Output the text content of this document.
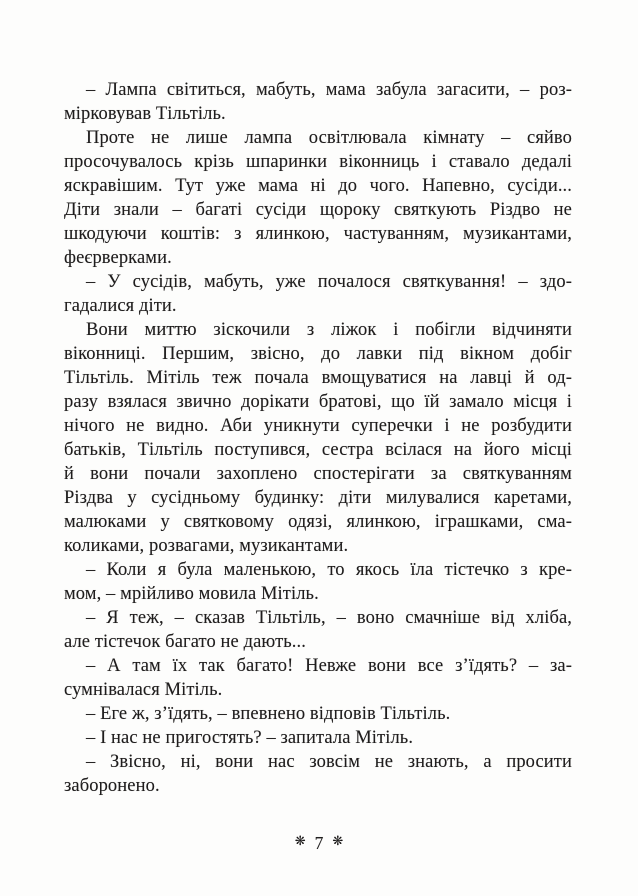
– Лампа світиться, мабуть, мама забула загасити, – роз-
мірковував Тільтіль.
Проте не лише лампа освітлювала кімнату – сяйво
просочувалось крізь шпаринки віконниць і ставало дедалі
яскравішим. Тут уже мама ні до чого. Напевно, сусіди...
Діти знали – багаті сусіди щороку святкують Різдво не
шкодуючи коштів: з ялинкою, частуванням, музикантами,
феєрверками.
– У сусідів, мабуть, уже почалося святкування! – здо-
гадалися діти.
Вони миттю зіскочили з ліжок і побігли відчиняти
віконниці. Першим, звісно, до лавки під вікном добіг
Тільтіль. Мітіль теж почала вмощуватися на лавці й од-
разу взялася звично дорікати братові, що їй замало місця і
нічого не видно. Аби уникнути суперечки і не розбудити
батьків, Тільтіль поступився, сестра всілася на його місці
й вони почали захоплено спостерігати за святкуванням
Різдва у сусідньому будинку: діти милувалися каретами,
малюками у святковому одязі, ялинкою, іграшками, сма-
коликами, розвагами, музикантами.
– Коли я була маленькою, то якось їла тістечко з кре-
мом, – мрійливо мовила Мітіль.
– Я теж, – сказав Тільтіль, – воно смачніше від хліба,
але тістечок багато не дають...
– А там їх так багато! Невже вони все з’їдять? – за-
сумнівалася Мітіль.
– Еге ж, з’їдять, – впевнено відповів Тільтіль.
– І нас не пригостять? – запитала Мітіль.
– Звісно, ні, вони нас зовсім не знають, а просити
заборонено.
❋ 7 ❋
